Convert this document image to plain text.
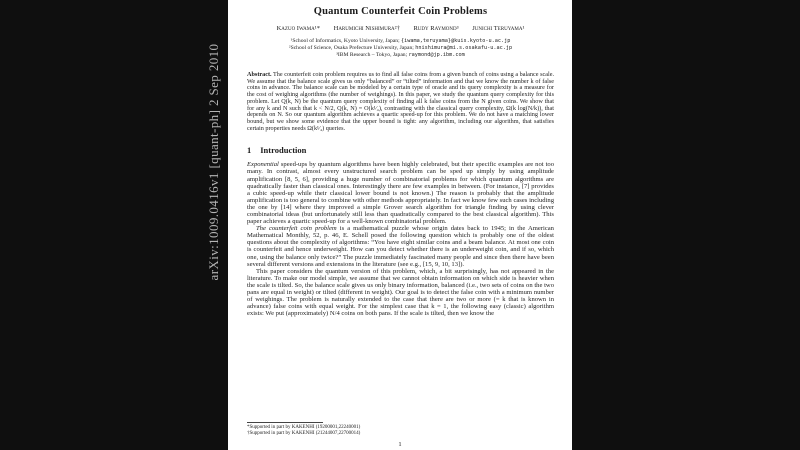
arXiv:1009.0416v1 [quant-ph] 2 Sep 2010
Quantum Counterfeit Coin Problems
Kazuo Iwama¹* Harumichi Nishimura²† Rudy Raymond³ Junichi Teruyama¹
¹School of Informatics, Kyoto University, Japan; {iwama,teruyama}@kuis.kyoto-u.ac.jp
²School of Science, Osaka Prefecture University, Japan; hnishimura@mi.s.osakafu-u.ac.jp
³IBM Research – Tokyo, Japan; raymond@jp.ibm.com
Abstract. The counterfeit coin problem requires us to find all false coins from a given bunch of coins using a balance scale. We assume that the balance scale gives us only “balanced” or “tilted” information and that we know the number k of false coins in advance. The balance scale can be modeled by a certain type of oracle and its query complexity is a measure for the cost of weighing algorithms (the number of weighings). In this paper, we study the quantum query complexity for this problem. Let Q(k, N) be the quantum query complexity of finding all k false coins from the N given coins. We show that for any k and N such that k < N/2, Q(k, N) = O(k¹⁄₄), contrasting with the classical query complexity, Ω(k log(N/k)), that depends on N. So our quantum algorithm achieves a quartic speed-up for this problem. We do not have a matching lower bound, but we show some evidence that the upper bound is tight: any algorithm, including our algorithm, that satisfies certain properties needs Ω(k¹⁄₄) queries.
1 Introduction

Exponential speed-ups by quantum algorithms have been highly celebrated, but their specific examples are not too many. In contrast, almost every unstructured search problem can be sped up simply by using amplitude amplification [8, 5, 6], providing a huge number of combinatorial problems for which quantum algorithms are quadratically faster than classical ones. Interestingly there are few examples in between. (For instance, [7] provides a cubic speed-up while their classical lower bound is not known.) The reason is probably that the amplitude amplification is too general to combine with other methods appropriately. In fact we know few such cases including the one by [14] where they improved a simple Grover search algorithm for triangle finding by using clever combinatorial ideas (but unfortunately still less than quadratically compared to the best classical algorithm). This paper achieves a quartic speed-up for a well-known combinatorial problem.

The counterfeit coin problem is a mathematical puzzle whose origin dates back to 1945; in the American Mathematical Monthly, 52, p. 46, E. Schell posed the following question which is probably one of the oldest questions about the complexity of algorithms: “You have eight similar coins and a beam balance. At most one coin is counterfeit and hence underweight. How can you detect whether there is an underweight coin, and if so, which one, using the balance only twice?” The puzzle immediately fascinated many people and since then there have been several different versions and extensions in the literature (see e.g., [15, 9, 10, 13]).

This paper considers the quantum version of this problem, which, a bit surprisingly, has not appeared in the literature. To make our model simple, we assume that we cannot obtain information on which side is heavier when the scale is tilted. So, the balance scale gives us only binary information, balanced (i.e., two sets of coins on the two pans are equal in weight) or tilted (different in weight). Our goal is to detect the false coin with a minimum number of weighings. The problem is naturally extended to the case that there are two or more (= k that is known in advance) false coins with equal weight. For the simplest case that k = 1, the following easy (classic) algorithm exists: We put (approximately) N/4 coins on both pans. If the scale is tilted, then we know the

*Supported in part by KAKENHI (19200001,22240001)
†Supported in part by KAKENHI (21244007,22700014)
1
